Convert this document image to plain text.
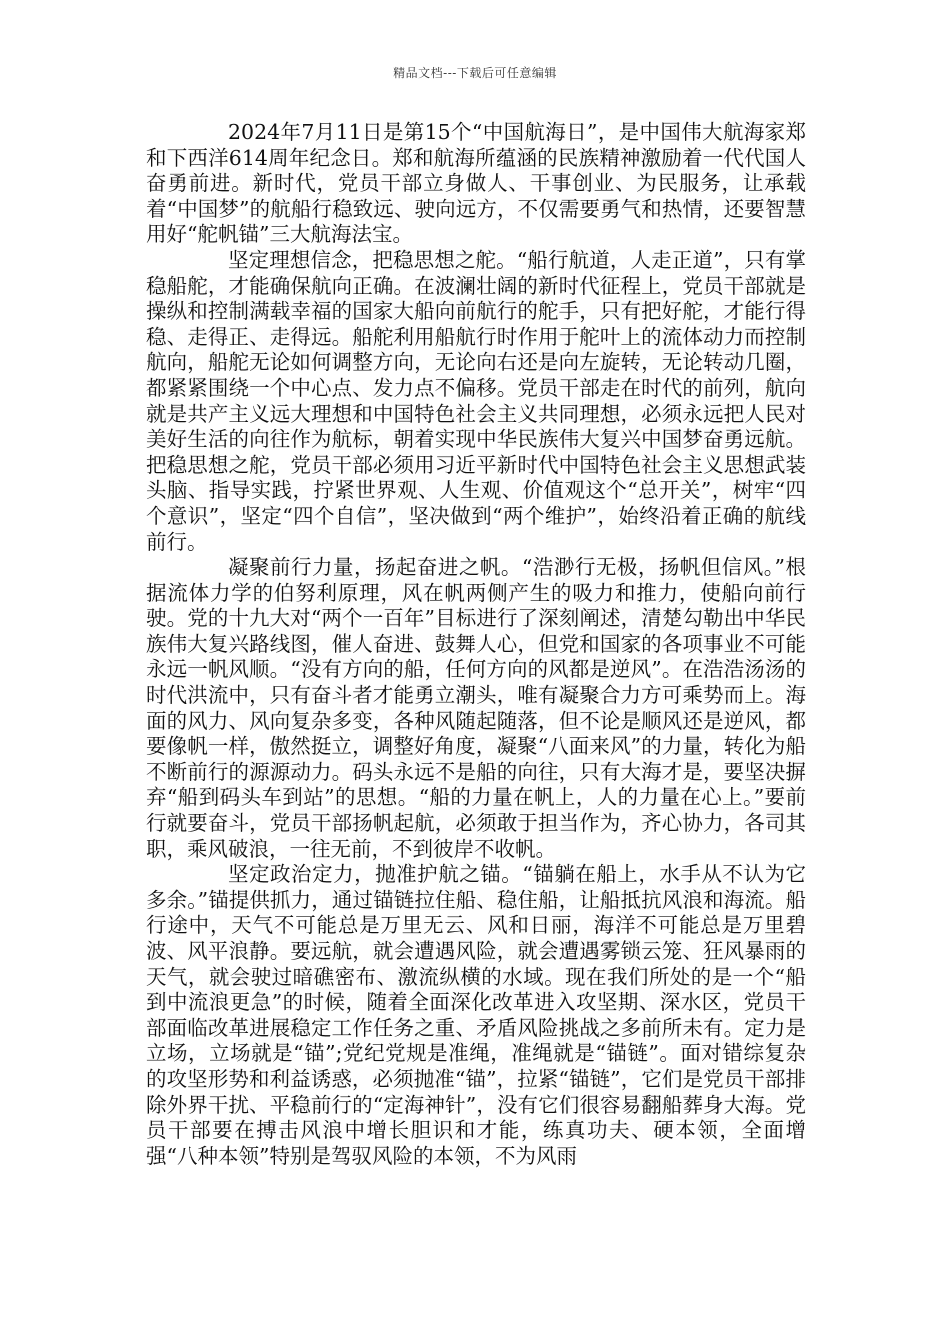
精品文档---下载后可任意编辑

2024年7月11日是第15个“中国航海日”，是中国伟大航海家郑和下西洋614周年纪念日。郑和航海所蕴涵的民族精神激励着一代代国人奋勇前进。新时代，党员干部立身做人、干事创业、为民服务，让承载着“中国梦”的航船行稳致远、驶向远方，不仅需要勇气和热情，还要智慧用好“舵帆锚”三大航海法宝。

坚定理想信念，把稳思想之舵。“船行航道，人走正道”，只有掌稳船舵，才能确保航向正确。在波澜壮阔的新时代征程上，党员干部就是操纵和控制满载幸福的国家大船向前航行的舵手，只有把好舵，才能行得稳、走得正、走得远。船舵利用船航行时作用于舵叶上的流体动力而控制航向，船舵无论如何调整方向，无论向右还是向左旋转，无论转动几圈，都紧紧围绕一个中心点、发力点不偏移。党员干部走在时代的前列，航向就是共产主义远大理想和中国特色社会主义共同理想，必须永远把人民对美好生活的向往作为航标，朝着实现中华民族伟大复兴中国梦奋勇远航。把稳思想之舵，党员干部必须用习近平新时代中国特色社会主义思想武装头脑、指导实践，拧紧世界观、人生观、价值观这个“总开关”，树牢“四个意识”，坚定“四个自信”，坚决做到“两个维护”，始终沿着正确的航线前行。

凝聚前行力量，扬起奋进之帆。“浩渺行无极，扬帆但信风。”根据流体力学的伯努利原理，风在帆两侧产生的吸力和推力，使船向前行驶。党的十九大对“两个一百年”目标进行了深刻阐述，清楚勾勒出中华民族伟大复兴路线图，催人奋进、鼓舞人心，但党和国家的各项事业不可能永远一帆风顺。“没有方向的船，任何方向的风都是逆风”。在浩浩汤汤的时代洪流中，只有奋斗者才能勇立潮头，唯有凝聚合力方可乘势而上。海面的风力、风向复杂多变，各种风随起随落，但不论是顺风还是逆风，都要像帆一样，傲然挺立，调整好角度，凝聚“八面来风”的力量，转化为船不断前行的源源动力。码头永远不是船的向往，只有大海才是，要坚决摒弃“船到码头车到站”的思想。“船的力量在帆上，人的力量在心上。”要前行就要奋斗，党员干部扬帆起航，必须敢于担当作为，齐心协力，各司其职，乘风破浪，一往无前，不到彼岸不收帆。

坚定政治定力，抛准护航之锚。“锚躺在船上，水手从不认为它多余。”锚提供抓力，通过锚链拉住船、稳住船，让船抵抗风浪和海流。船行途中，天气不可能总是万里无云、风和日丽，海洋不可能总是万里碧波、风平浪静。要远航，就会遭遇风险，就会遭遇雾锁云笼、狂风暴雨的天气，就会驶过暗礁密布、激流纵横的水域。现在我们所处的是一个“船到中流浪更急”的时候，随着全面深化改革进入攻坚期、深水区，党员干部面临改革进展稳定工作任务之重、矛盾风险挑战之多前所未有。定力是立场，立场就是“锚”;党纪党规是准绳，准绳就是“锚链”。面对错综复杂的攻坚形势和利益诱惑，必须抛准“锚”，拉紧“锚链”，它们是党员干部排除外界干扰、平稳前行的“定海神针”，没有它们很容易翻船葬身大海。党员干部要在搏击风浪中增长胆识和才能，练真功夫、硬本领，全面增强“八种本领”特别是驾驭风险的本领，不为风雨
